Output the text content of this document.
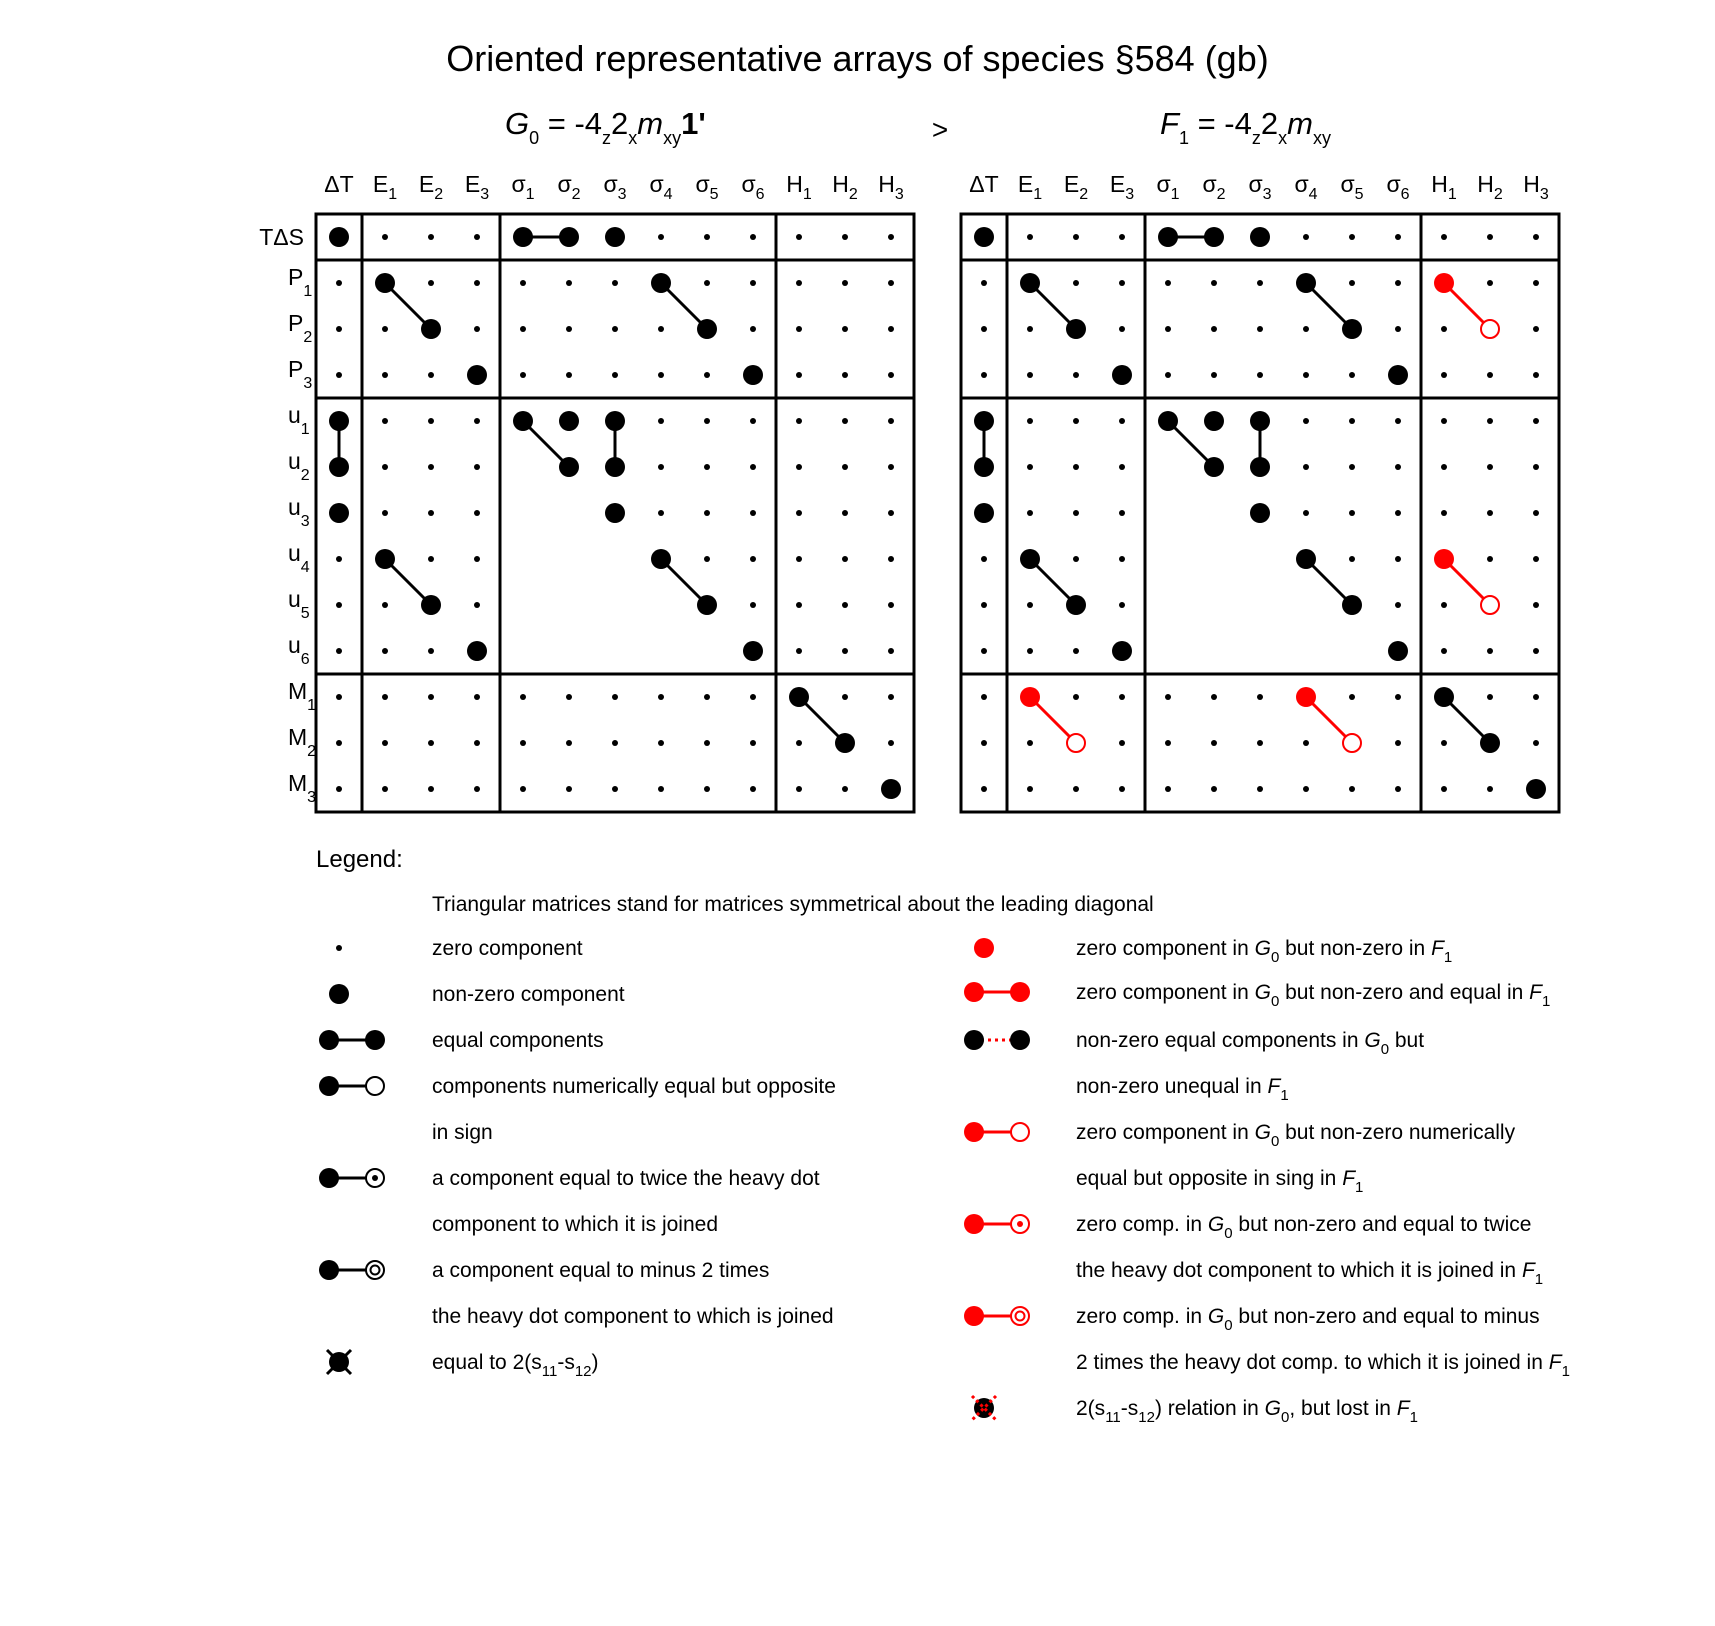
Oriented representative arrays of species §584 (gb)
$G_0 = -4_z2_xm_{xy}1'$	$F_1 = -4_z2_xm_{xy}$
>
ΔT $E_1$ $E_2$ $E_3$ $\sigma_1$ $\sigma_2$ $\sigma_3$ $\sigma_4$ $\sigma_5$ $\sigma_6$ $H_1$ $H_2$ $H_3$	ΔT $E_1$ $E_2$ $E_3$ $\sigma_1$ $\sigma_2$ $\sigma_3$ $\sigma_4$ $\sigma_5$ $\sigma_6$ $H_1$ $H_2$ $H_3$
TΔS
$P_1$
$P_2$
$P_3$
$u_1$
$u_2$
$u_3$
$u_4$
$u_5$
$u_6$
$M_1$
$M_2$
$M_3$
Legend:
Triangular matrices stand for matrices symmetrical about the leading diagonal
zero component
non-zero component
equal components
components numerically equal but opposite
in sign
a component equal to twice the heavy dot
component to which it is joined
a component equal to minus 2 times
the heavy dot component to which is joined
equal to $2(s_{11}-s_{12})$
zero component in $G_0$ but non-zero in $F_1$
zero component in $G_0$ but non-zero and equal in $F_1$
non-zero equal components in $G_0$ but
non-zero unequal in $F_1$
zero component in $G_0$ but non-zero numerically
equal but opposite in sing in $F_1$
zero comp. in $G_0$ but non-zero and equal to twice
the heavy dot component to which it is joined in $F_1$
zero comp. in $G_0$ but non-zero and equal to minus
2 times the heavy dot comp. to which it is joined in $F_1$
$2(s_{11}-s_{12})$ relation in $G_0$, but lost in $F_1$
